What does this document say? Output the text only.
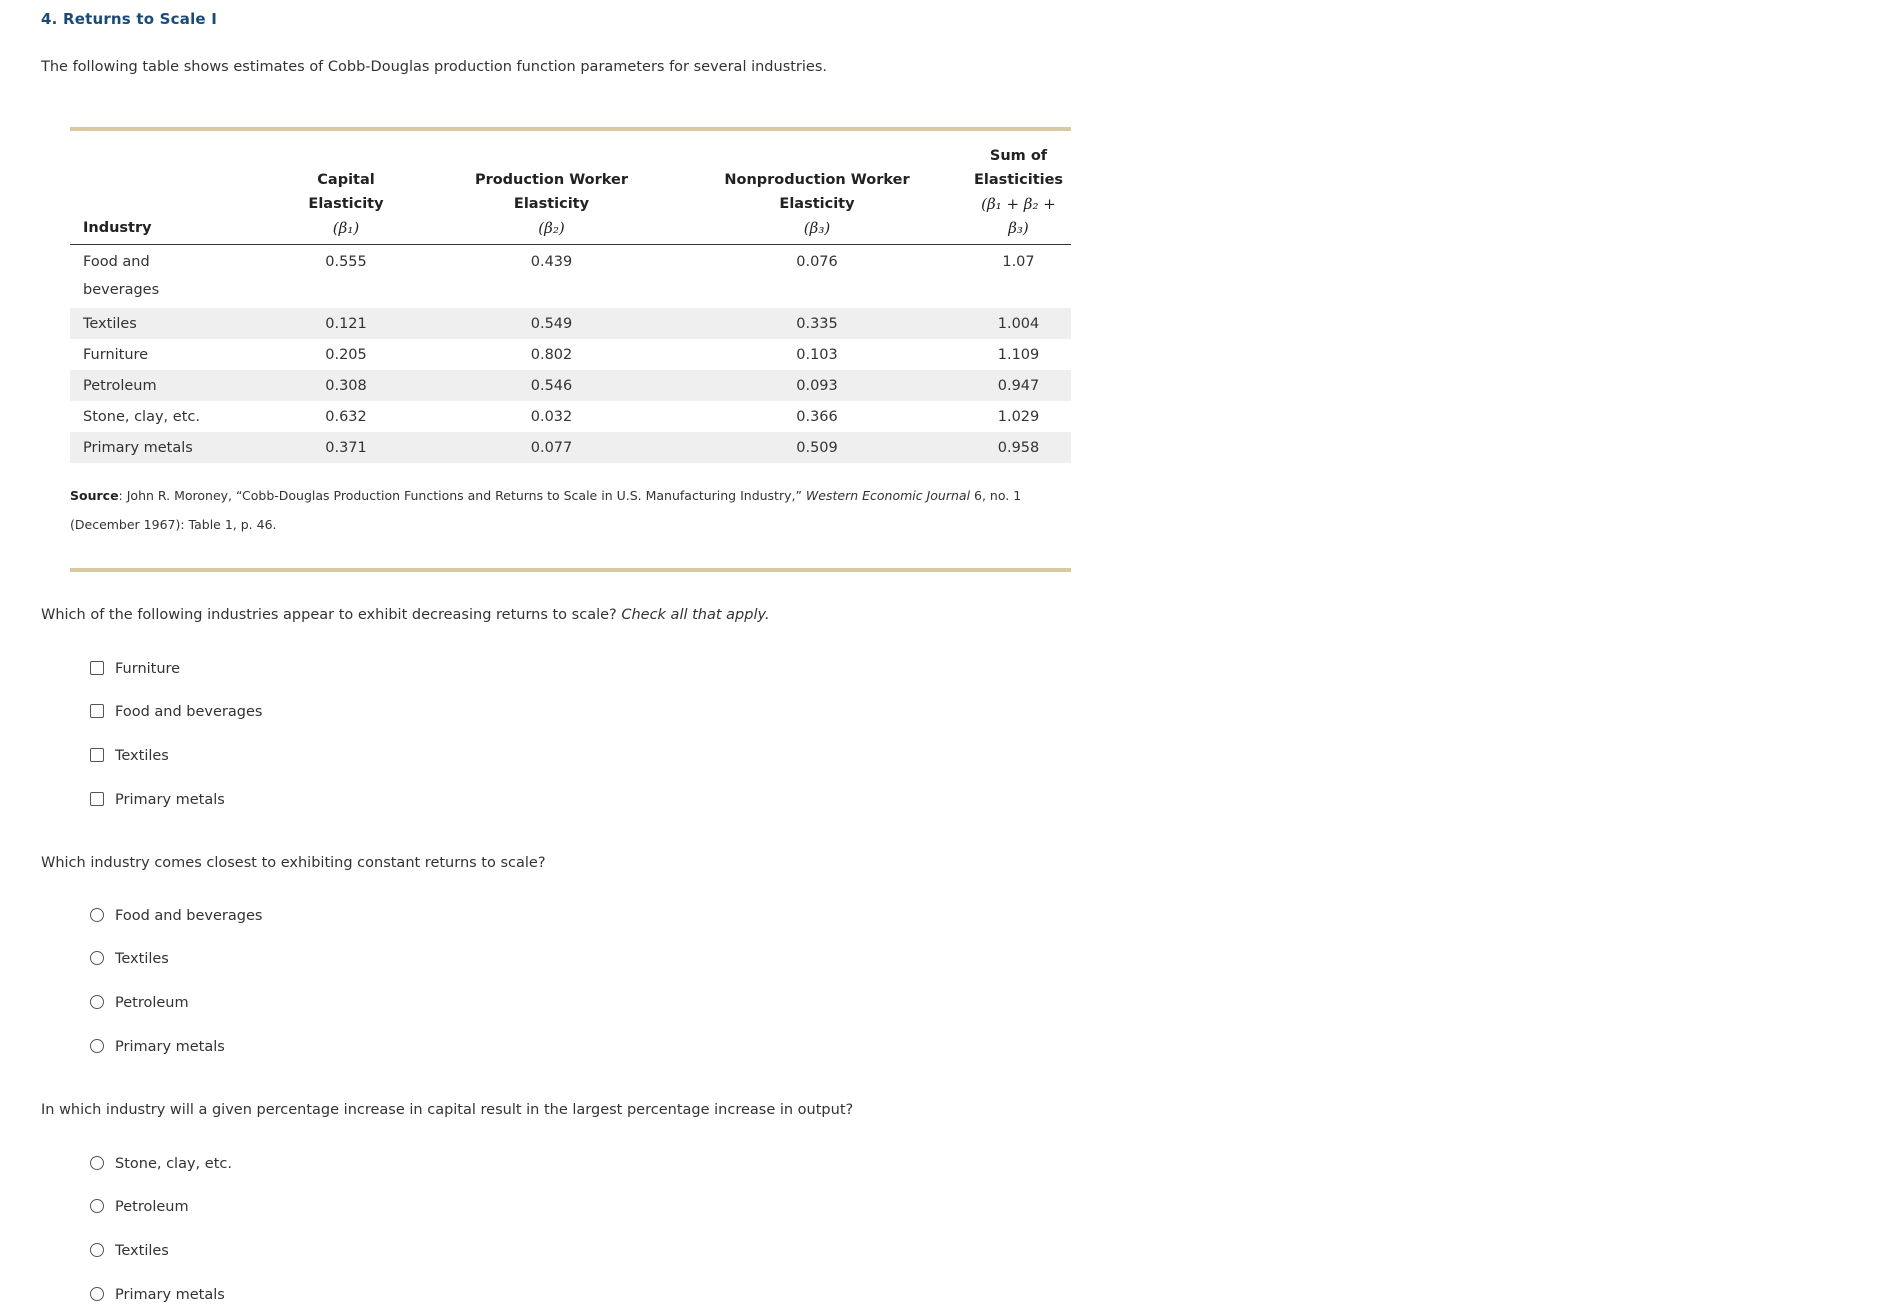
4. Returns to Scale I

The following table shows estimates of Cobb-Douglas production function parameters for several industries.

Industry	Capital
Elasticity
(β₁)	Production Worker
Elasticity
(β₂)	Nonproduction Worker
Elasticity
(β₃)	Sum of
Elasticities
(β₁ + β₂ + β₃)

Food and beverages	0.555	0.439	0.076	1.07
Textiles	0.121	0.549	0.335	1.004
Furniture	0.205	0.802	0.103	1.109
Petroleum	0.308	0.546	0.093	0.947
Stone, clay, etc.	0.632	0.032	0.366	1.029
Primary metals	0.371	0.077	0.509	0.958
Source: John R. Moroney, “Cobb-Douglas Production Functions and Returns to Scale in U.S. Manufacturing Industry,” Western Economic Journal 6, no. 1 (December 1967): Table 1, p. 46.

Which of the following industries appear to exhibit decreasing returns to scale? Check all that apply.

Furniture
Food and beverages
Textiles
Primary metals

Which industry comes closest to exhibiting constant returns to scale?

Food and beverages
Textiles
Petroleum
Primary metals

In which industry will a given percentage increase in capital result in the largest percentage increase in output?

Stone, clay, etc.
Petroleum
Textiles
Primary metals
